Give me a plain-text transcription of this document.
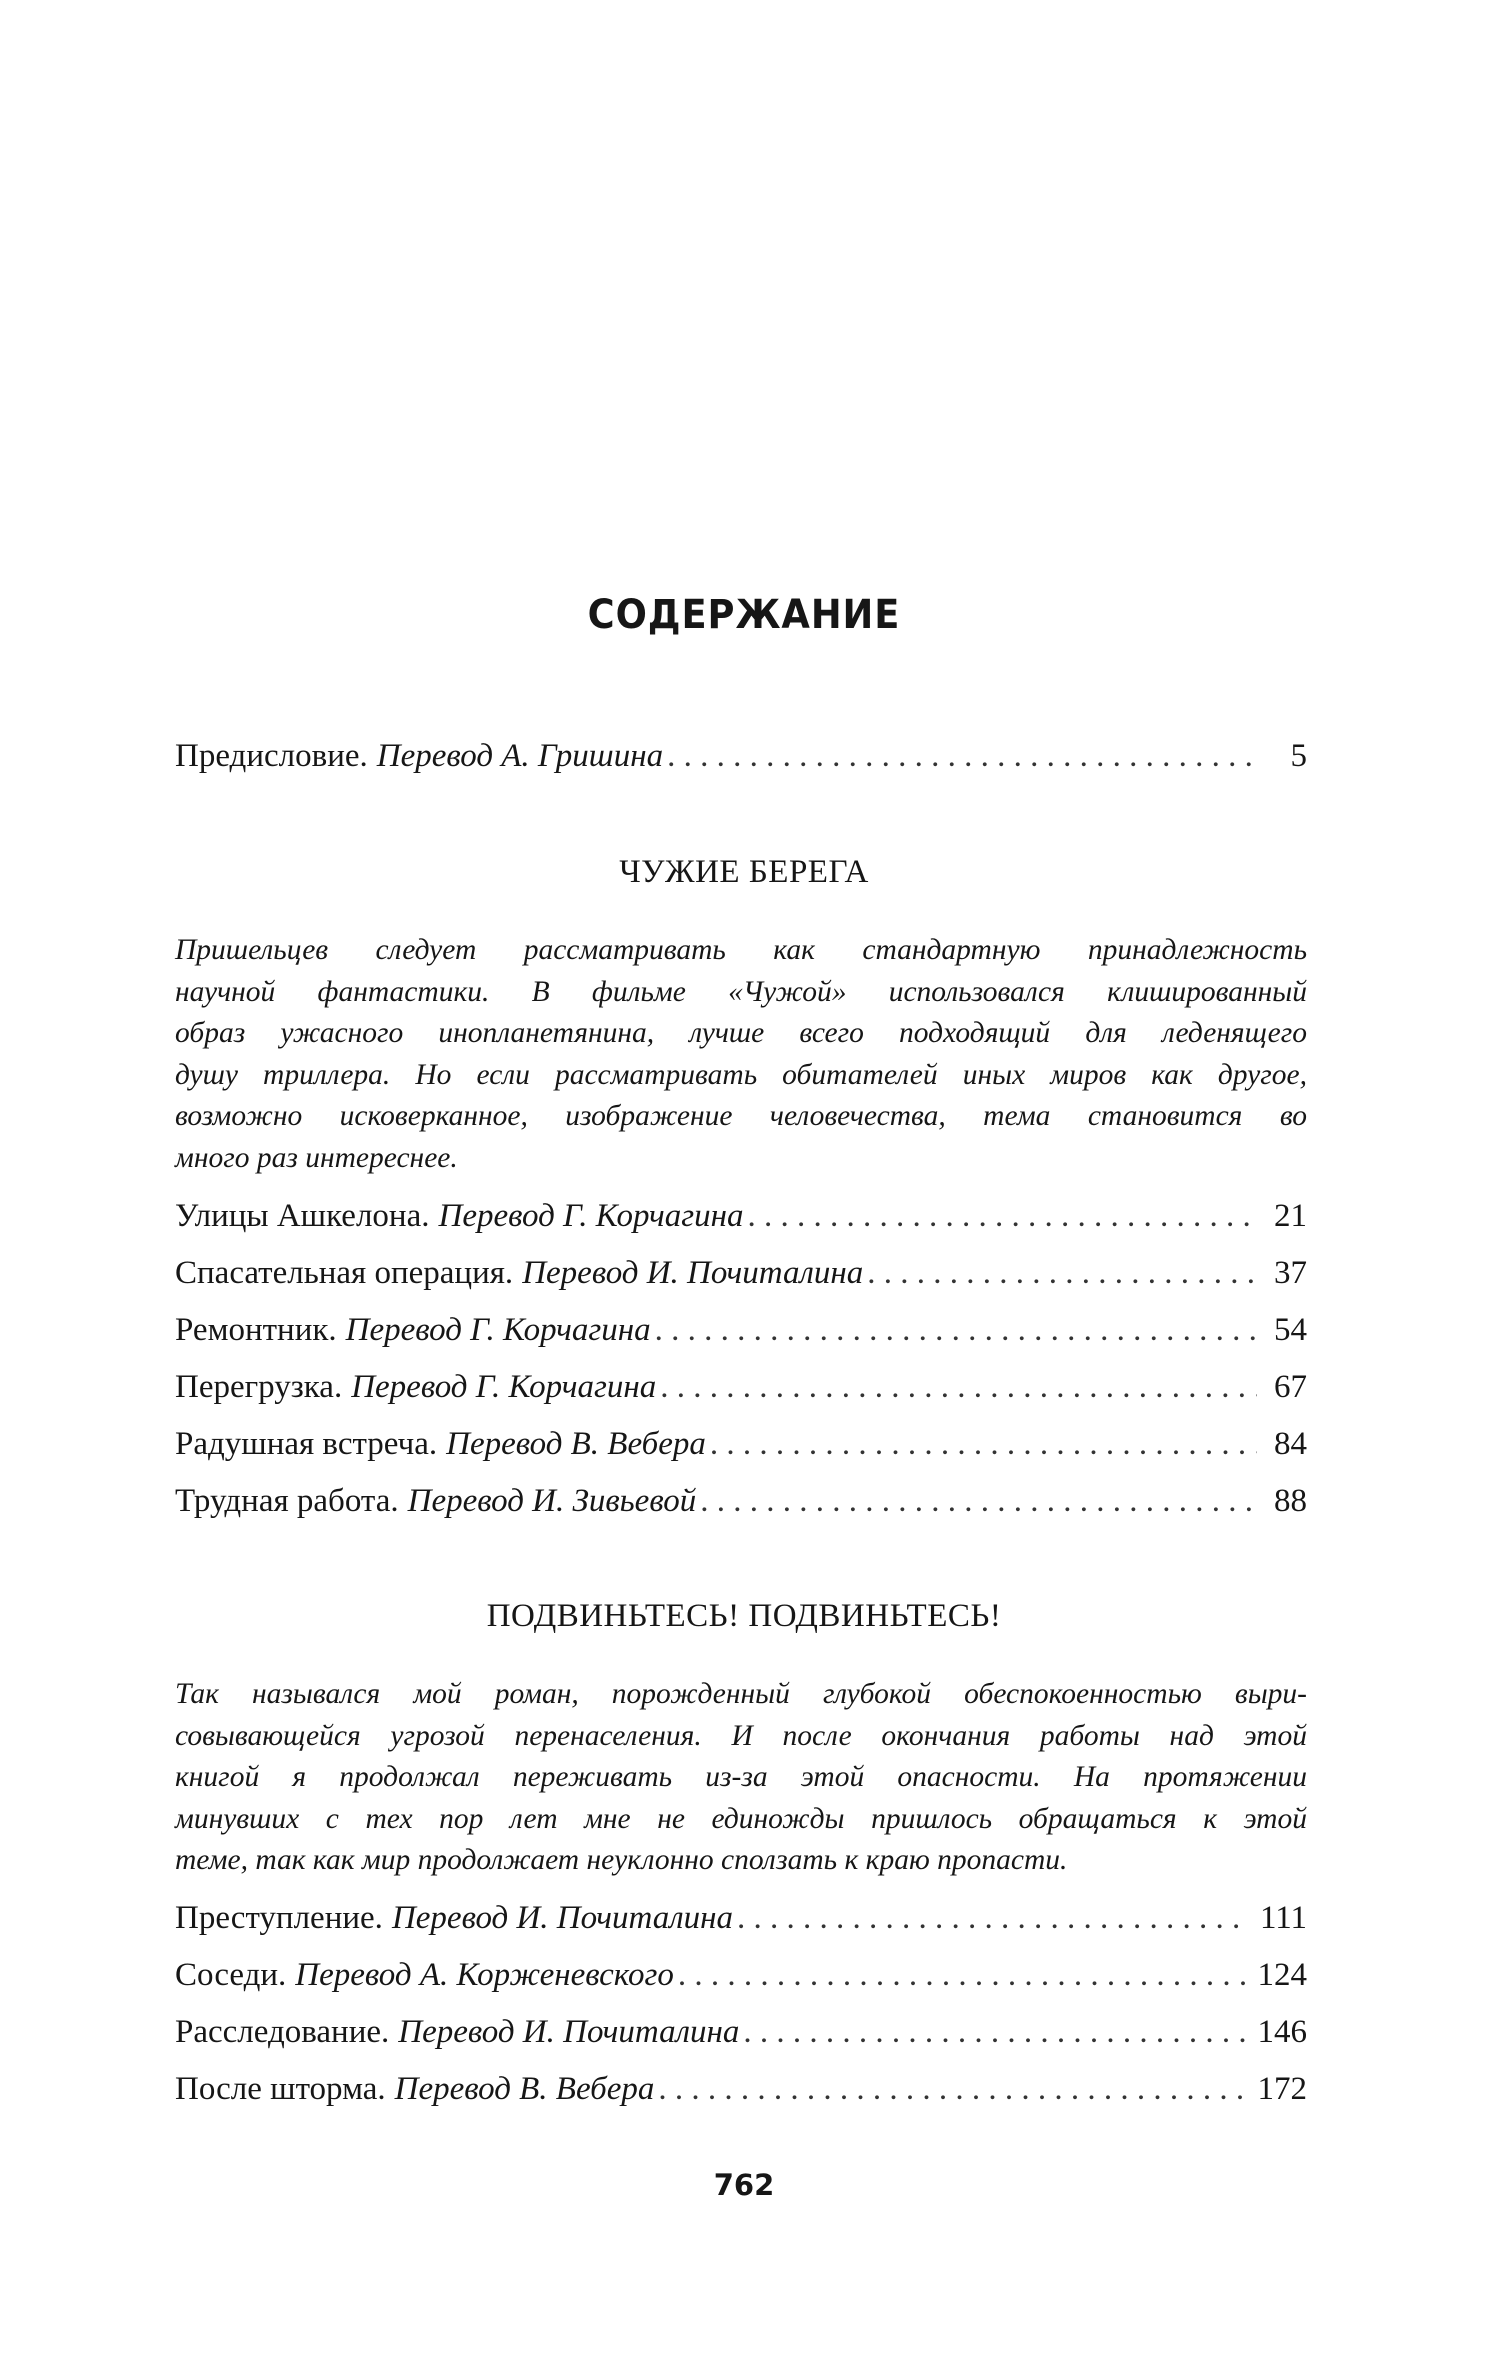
СОДЕРЖАНИЕ
Предисловие. Перевод А. Гришина . . .	5
ЧУЖИЕ БЕРЕГА
Пришельцев следует рассматривать как стандартную принадлежность
научной фантастики. В фильме «Чужой» использовался клишированный
образ ужасного инопланетянина, лучше всего подходящий для леденящего
душу триллера. Но если рассматривать обитателей иных миров как другое,
возможно исковерканное, изображение человечества, тема становится во
много раз интереснее.
Улицы Ашкелона. Перевод Г. Корчагина . . .	21
Спасательная операция. Перевод И. Почиталина . . .	37
Ремонтник. Перевод Г. Корчагина . . .	54
Перегрузка. Перевод Г. Корчагина . . .	67
Радушная встреча. Перевод В. Вебера . . .	84
Трудная работа. Перевод И. Зивьевой . . .	88
ПОДВИНЬТЕСЬ! ПОДВИНЬТЕСЬ!
Так назывался мой роман, порожденный глубокой обеспокоенностью выри-
совывающейся угрозой перенаселения. И после окончания работы над этой
книгой я продолжал переживать из-за этой опасности. На протяжении
минувших с тех пор лет мне не единожды пришлось обращаться к этой
теме, так как мир продолжает неуклонно сползать к краю пропасти.
Преступление. Перевод И. Почиталина . . .	111
Соседи. Перевод А. Корженевского . . .	124
Расследование. Перевод И. Почиталина . . .	146
После шторма. Перевод В. Вебера . . .	172
762
